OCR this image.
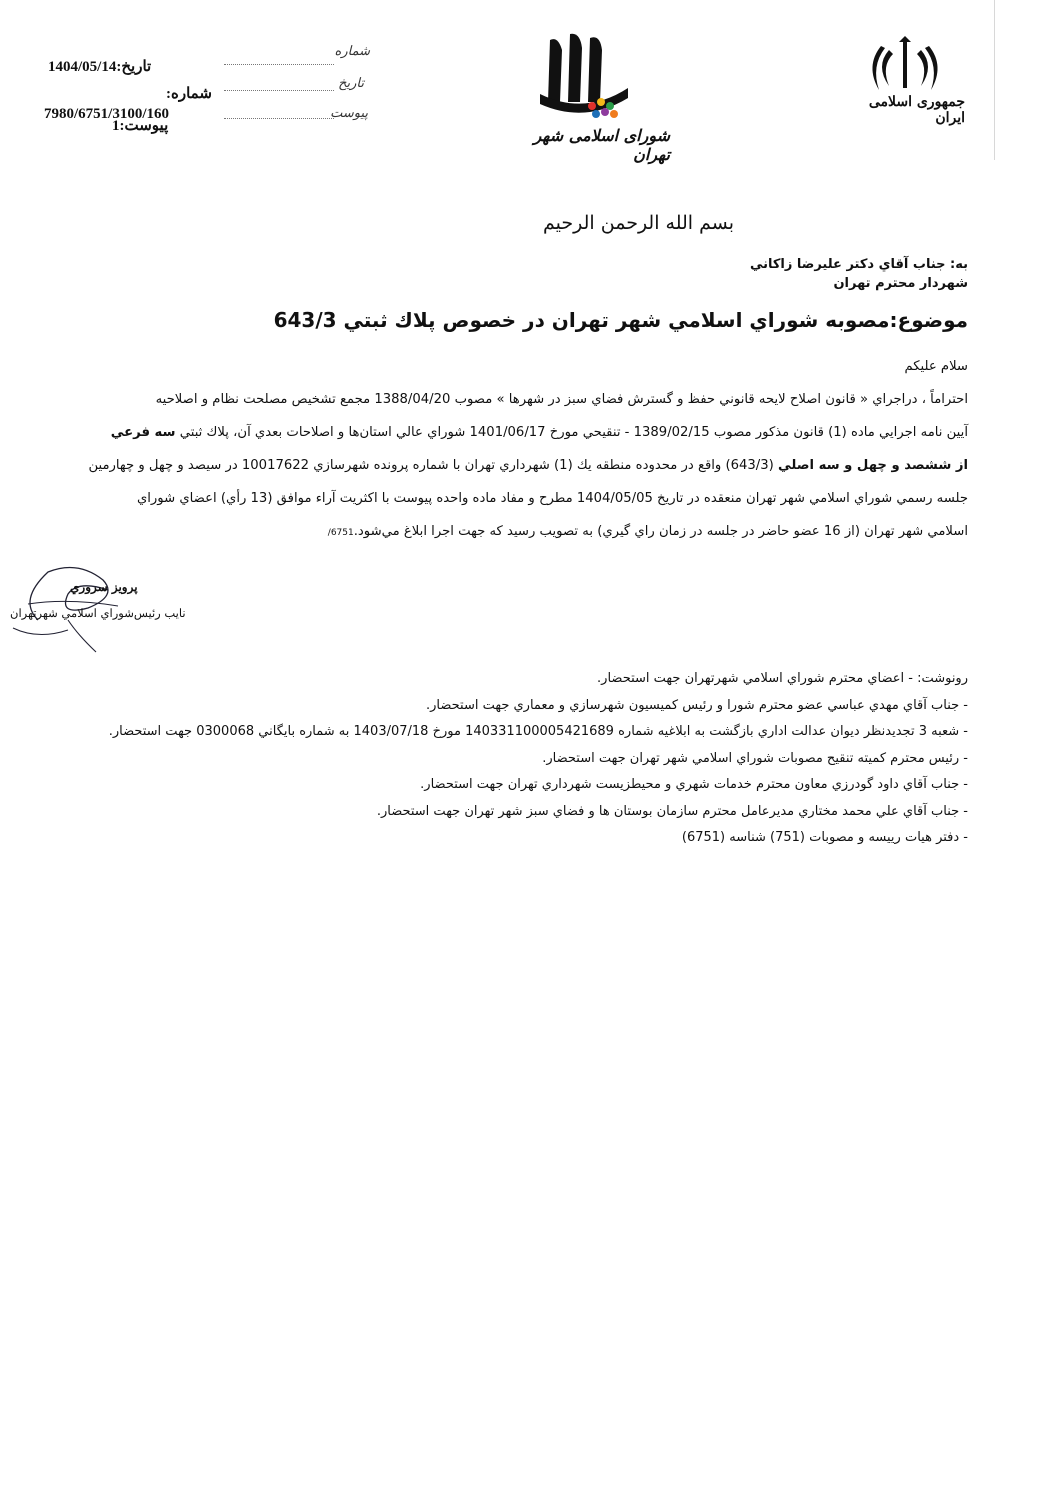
شماره
تاریخ
پیوست
1404/05/14:تاریخ
شماره:
7980/6751/3100/160
پیوست:1	شورای اسلامی شهر تهران
جمهوری اسلامی ایران
بسم الله الرحمن الرحيم
به: جناب آقاي دكتر عليرضا زاكاني
شهردار محترم تهران
موضوع:مصوبه شوراي اسلامي شهر تهران در خصوص پلاك ثبتي 643/3
سلام عليكم
احتراماً ، دراجراي « قانون اصلاح لايحه قانوني حفظ و گسترش فضاي سبز در شهرها » مصوب 1388/04/20 مجمع تشخيص مصلحت نظام و اصلاحيه
آيين نامه اجرايي ماده (1) قانون مذكور مصوب 1389/02/15 - تنقيحي مورخ 1401/06/17 شوراي عالي استان‌ها و اصلاحات بعدي آن، پلاك ثبتي سه فرعي
از ششصد و چهل و سه اصلي (643/3) واقع در محدوده منطقه يك (1) شهرداري تهران با شماره پرونده شهرسازي 10017622 در سيصد و چهل و چهارمين
جلسه رسمي شوراي اسلامي شهر تهران منعقده در تاريخ 1404/05/05 مطرح و مفاد ماده واحده پيوست با اكثريت آراء موافق (13 رأي) اعضاي شوراي
اسلامي شهر تهران (از 16 عضو حاضر در جلسه در زمان راي گيري) به تصويب رسيد كه جهت اجرا ابلاغ مي‌شود.6751/
پرويز سروري
نايب رئيس‌شوراي اسلامي شهرتهران
رونوشت: - اعضاي محترم شوراي اسلامي شهرتهران جهت استحضار.
- جناب آقاي مهدي عباسي عضو محترم شورا و رئيس كميسيون شهرسازي و معماري جهت استحضار.
- شعبه 3 تجديدنظر ديوان عدالت اداري بازگشت به ابلاغيه شماره 140331100005421689 مورخ 1403/07/18 به شماره بايگاني 0300068 جهت استحضار.
- رئيس محترم كميته تنقيح مصوبات شوراي اسلامي شهر تهران جهت استحضار.
- جناب آقاي داود گودرزي معاون محترم خدمات شهري و محيطزيست شهرداري تهران جهت استحضار.
- جناب آقاي علي محمد مختاري مديرعامل محترم سازمان بوستان ها و فضاي سبز شهر تهران جهت استحضار.
- دفتر هيات رييسه و مصوبات (751) شناسه (6751)
